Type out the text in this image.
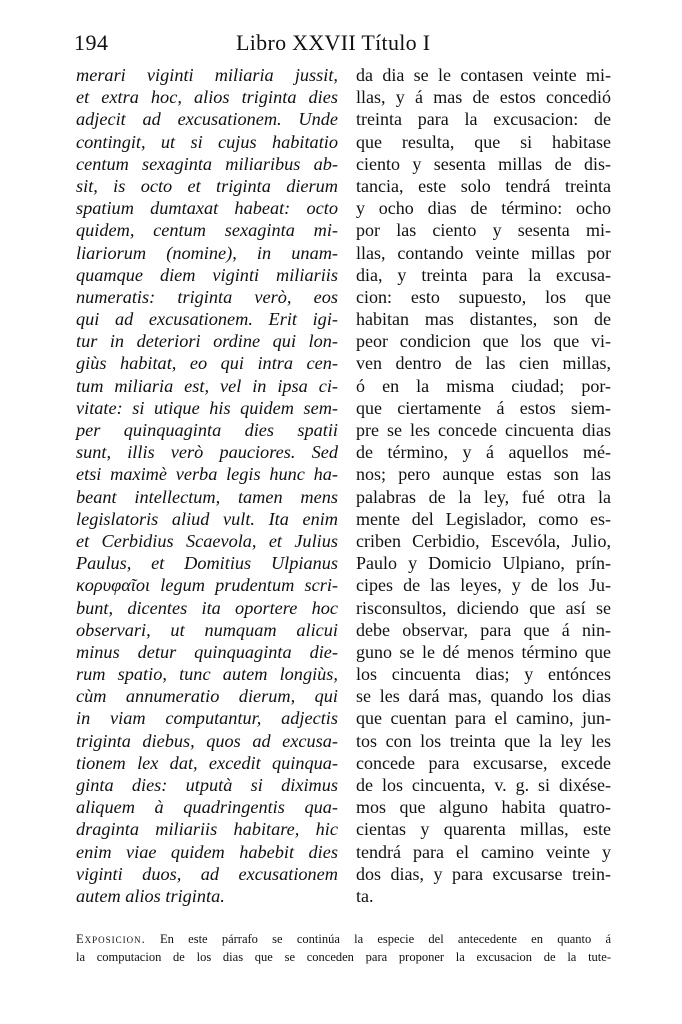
194	Libro XXVII Título I
merari viginti miliaria jussit,
et extra hoc, alios triginta dies
adjecit ad excusationem. Unde
contingit, ut si cujus habitatio
centum sexaginta miliaribus ab-
sit, is octo et triginta dierum
spatium dumtaxat habeat: octo
quidem, centum sexaginta mi-
liariorum (nomine), in unam-
quamque diem viginti miliariis
numeratis: triginta verò, eos
qui ad excusationem. Erit igi-
tur in deteriori ordine qui lon-
giùs habitat, eo qui intra cen-
tum miliaria est, vel in ipsa ci-
vitate: si utique his quidem sem-
per quinquaginta dies spatii
sunt, illis verò pauciores. Sed
etsi maximè verba legis hunc ha-
beant intellectum, tamen mens
legislatoris aliud vult. Ita enim
et Cerbidius Scaevola, et Julius
Paulus, et Domitius Ulpianus
κορυφαῖοι legum prudentum scri-
bunt, dicentes ita oportere hoc
observari, ut numquam alicui
minus detur quinquaginta die-
rum spatio, tunc autem longiùs,
cùm annumeratio dierum, qui
in viam computantur, adjectis
triginta diebus, quos ad excusa-
tionem lex dat, excedit quinqua-
ginta dies: utputà si diximus
aliquem à quadringentis qua-
draginta miliariis habitare, hic
enim viae quidem habebit dies
viginti duos, ad excusationem
autem alios triginta.
da dia se le contasen veinte mi-
llas, y á mas de estos concedió
treinta para la excusacion: de
que resulta, que si habitase
ciento y sesenta millas de dis-
tancia, este solo tendrá treinta
y ocho dias de término: ocho
por las ciento y sesenta mi-
llas, contando veinte millas por
dia, y treinta para la excusa-
cion: esto supuesto, los que
habitan mas distantes, son de
peor condicion que los que vi-
ven dentro de las cien millas,
ó en la misma ciudad; por-
que ciertamente á estos siem-
pre se les concede cincuenta dias
de término, y á aquellos mé-
nos; pero aunque estas son las
palabras de la ley, fué otra la
mente del Legislador, como es-
criben Cerbidio, Escevóla, Julio,
Paulo y Domicio Ulpiano, prín-
cipes de las leyes, y de los Ju-
risconsultos, diciendo que así se
debe observar, para que á nin-
guno se le dé menos término que
los cincuenta dias; y entónces
se les dará mas, quando los dias
que cuentan para el camino, jun-
tos con los treinta que la ley les
concede para excusarse, excede
de los cincuenta, v. g. si dixése-
mos que alguno habita quatro-
cientas y quarenta millas, este
tendrá para el camino veinte y
dos dias, y para excusarse trein-
ta.
Exposicion. En este párrafo se continúa la especie del antecedente en quanto á
la computacion de los dias que se conceden para proponer la excusacion de la tute-
